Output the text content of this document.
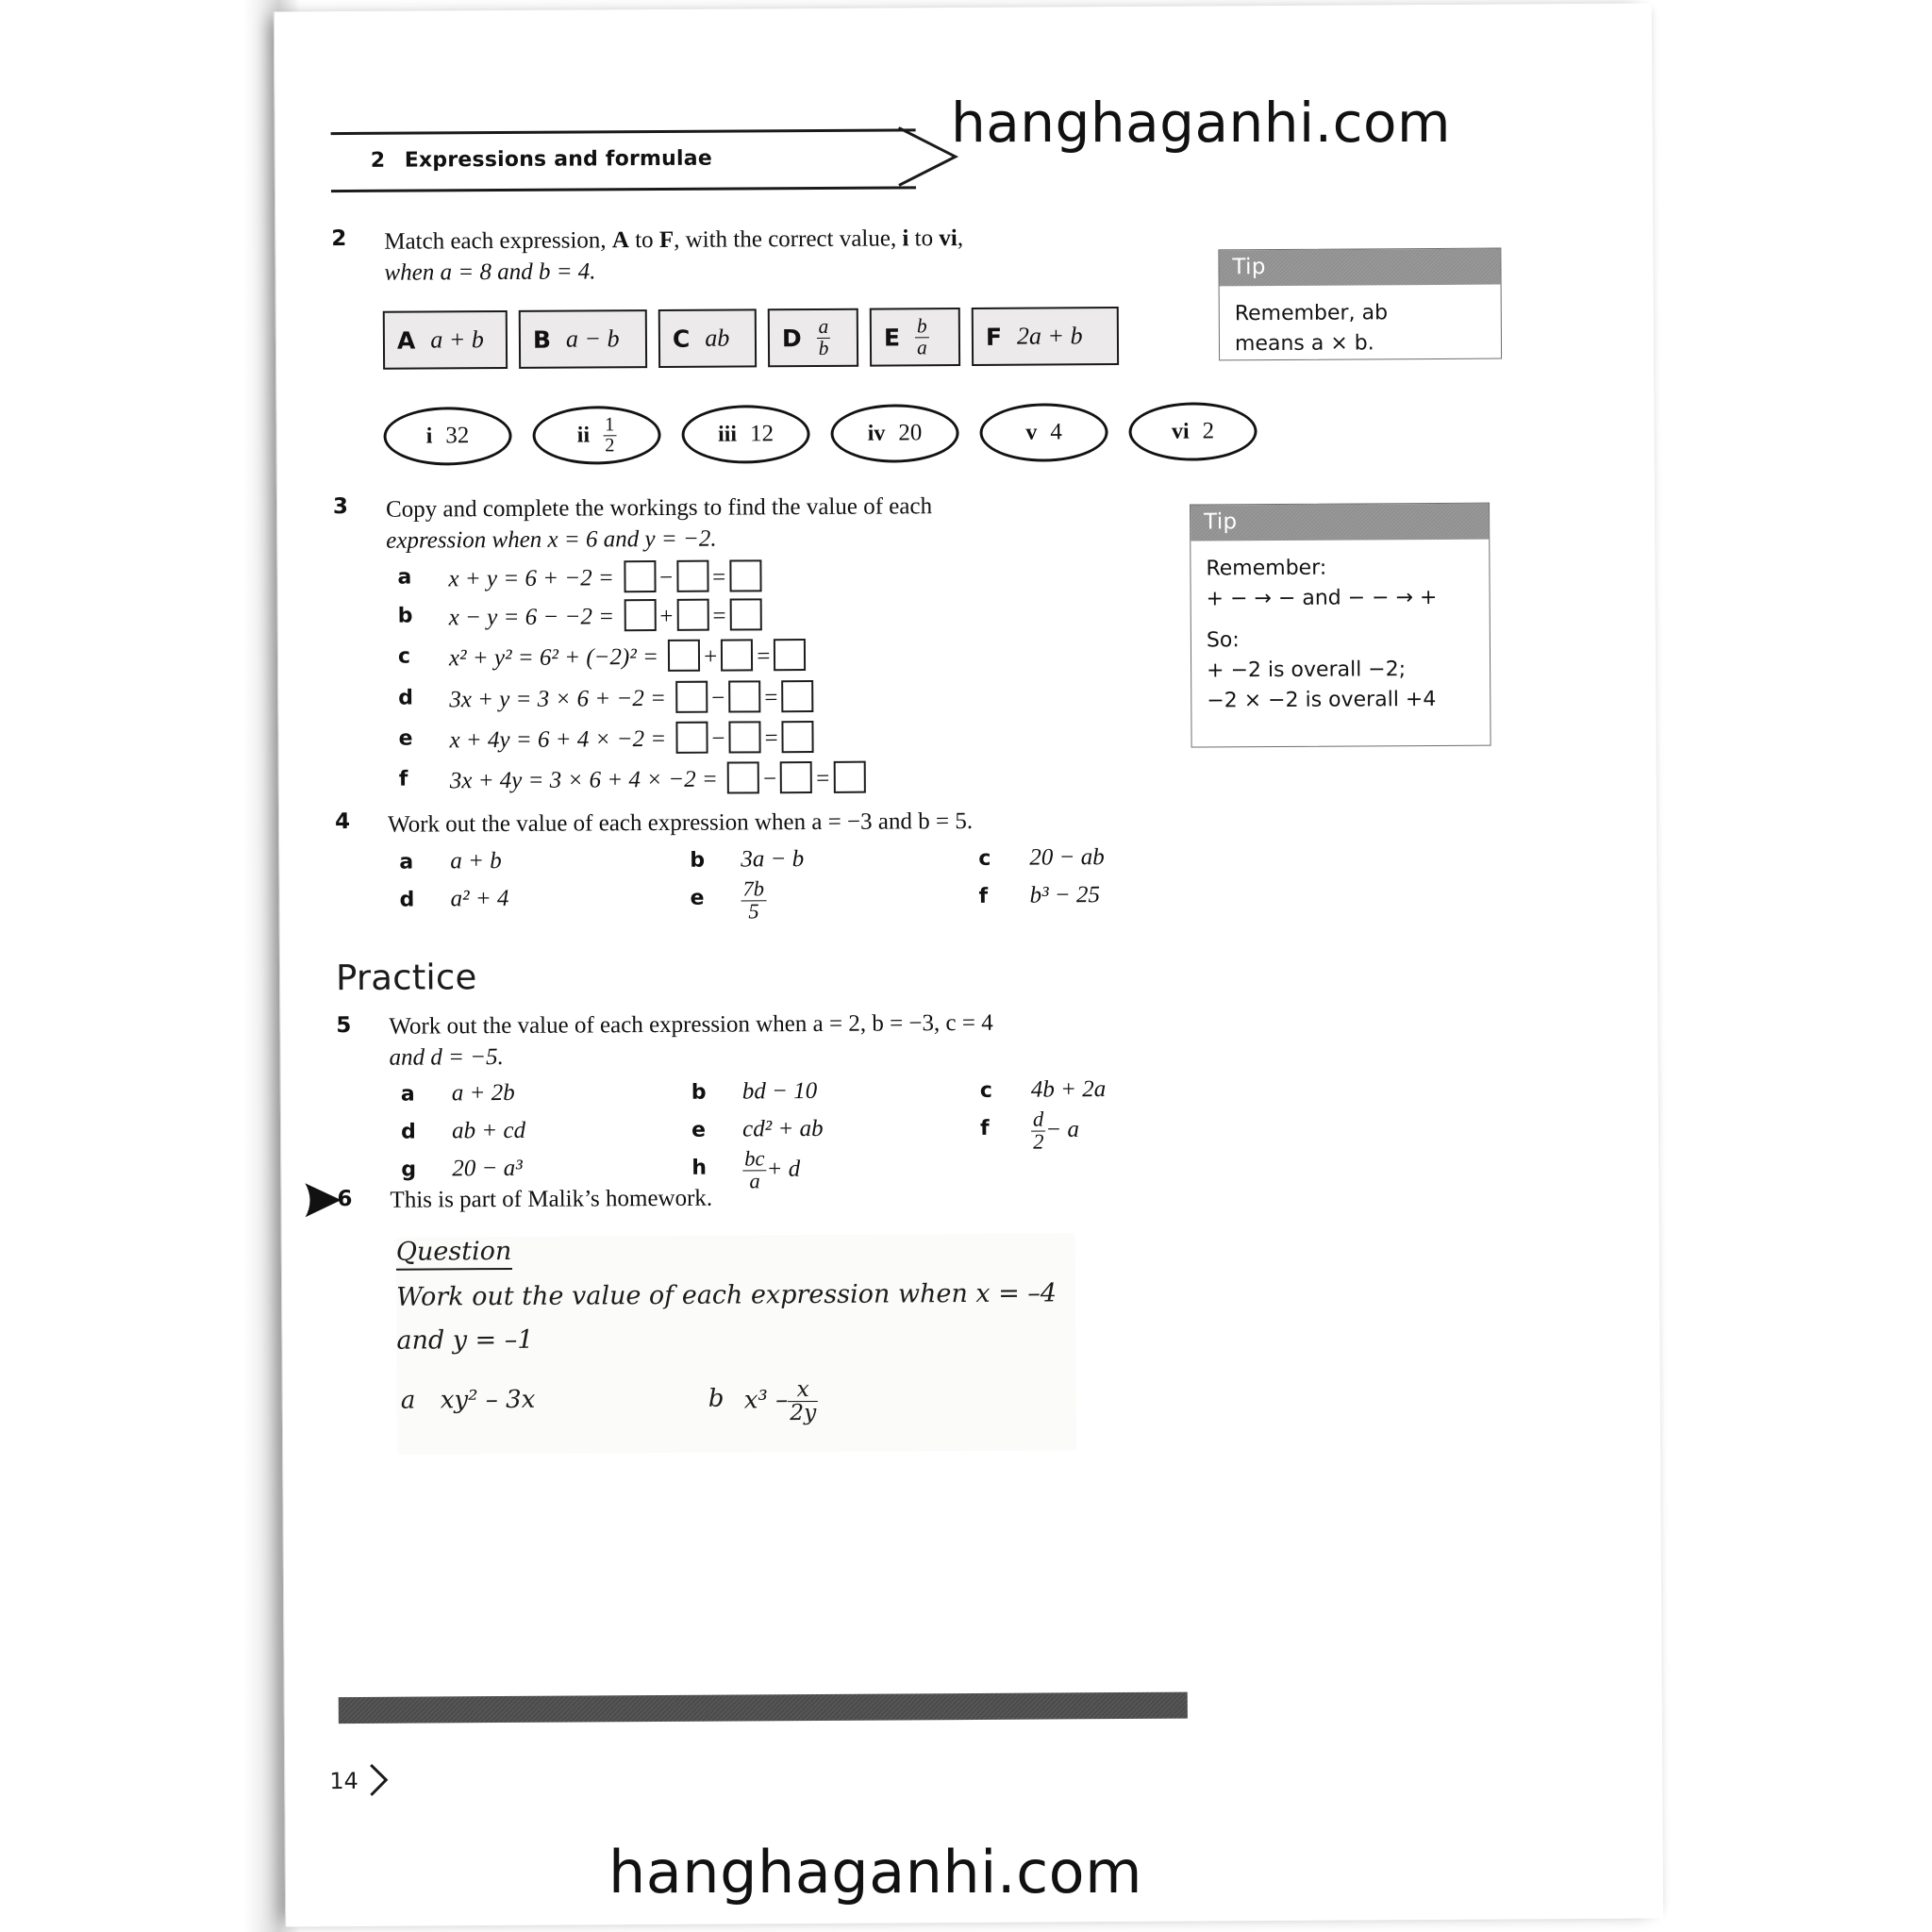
2 Expressions and formulae
2 Match each expression, A to F, with the correct value, i to vi,
when a = 8 and b = 4.
A a + b B a − b C ab D $\frac{a}{b}$ E $\frac{b}{a}$ F 2a + b
i 32	ii $\frac{1}{2}$	iii 12	iv 20	v 4	vi 2
Tip
Remember, ab
means a × b.
3 Copy and complete the workings to find the value of each
expression when x = 6 and y = −2.
a x + y = 6 + −2 = − =
b x − y = 6 − −2 = + =
c x² + y² = 6² + (−2)² = + =
d 3x + y = 3 × 6 + −2 = − =
e x + 4y = 6 + 4 × −2 = − =
f 3x + 4y = 3 × 6 + 4 × −2 = − =
Tip

Remember:
+ − → − and − − → +

So:
+ −2 is overall −2;
−2 × −2 is overall +4

4 Work out the value of each expression when a = −3 and b = 5.
a a + b	b 3a − b	c 20 − ab
d a² + 4	e $\frac{7b}{5}$	f b³ − 25
Practice
5 Work out the value of each expression when a = 2, b = −3, c = 4
and d = −5.
a a + 2b	b bd − 10	c 4b + 2a
d ab + cd	e cd² + ab	f $\frac{d}{2} - a$
g 20 − a³	h $\frac{bc}{a} + d$
6 This is part of Malik’s homework.
Question
Work out the value of each expression when x = –4
and y = –1
a xy² – 3x	b $x^3 - \frac{x}{2y}$
14
hanghaganhi.com
hanghaganhi.com
